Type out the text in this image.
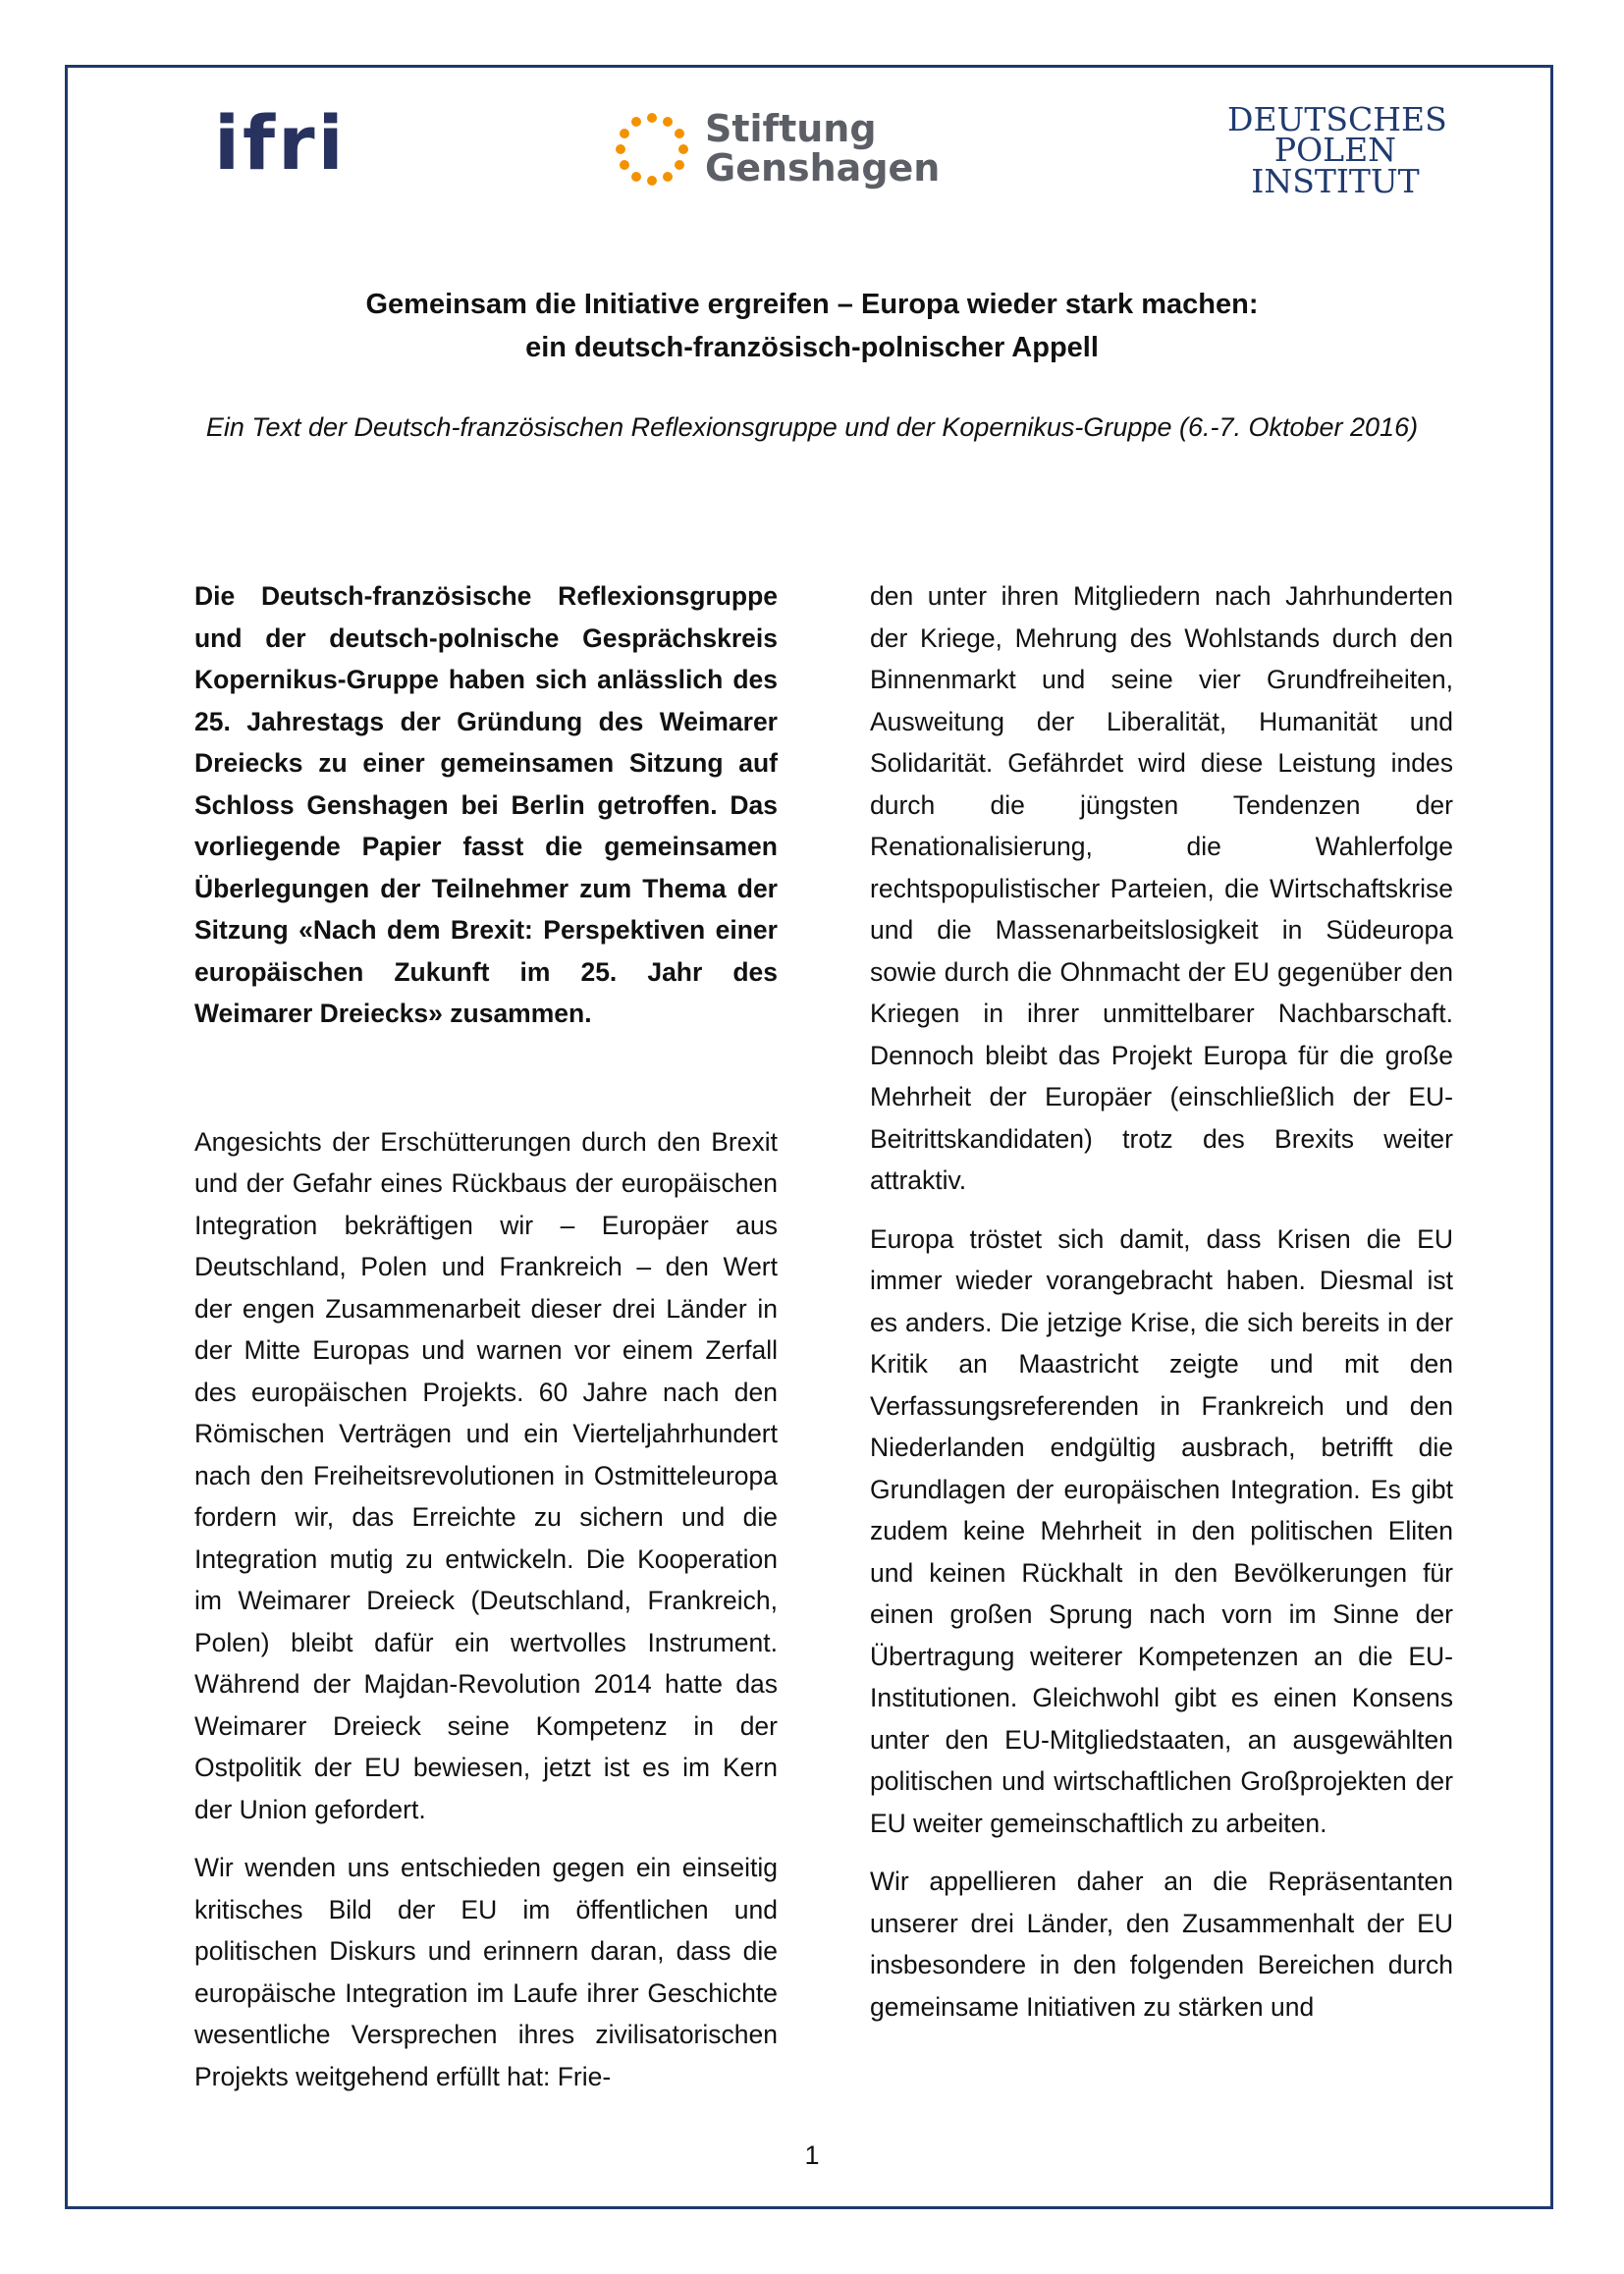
ifri	Stiftung
Genshagen
DEUTSCHES
POLEN
INSTITUT
Gemeinsam die Initiative ergreifen – Europa wieder stark machen:
ein deutsch-französisch-polnischer Appell
Ein Text der Deutsch-französischen Reflexionsgruppe und der Kopernikus-Gruppe (6.-7. Oktober 2016)

Die Deutsch-französische Reflexionsgruppe und der deutsch-polnische Gesprächskreis Kopernikus-Gruppe haben sich anlässlich des 25. Jahrestags der Gründung des Weimarer Dreiecks zu einer gemeinsamen Sitzung auf Schloss Genshagen bei Berlin getroffen. Das vorliegende Papier fasst die gemeinsamen Überlegungen der Teilnehmer zum Thema der Sitzung «Nach dem Brexit: Perspektiven einer europäischen Zukunft im 25. Jahr des Weimarer Dreiecks» zusammen.

Angesichts der Erschütterungen durch den Brexit und der Gefahr eines Rückbaus der europäischen Integration bekräftigen wir – Europäer aus Deutschland, Polen und Frankreich – den Wert der engen Zusammenarbeit dieser drei Länder in der Mitte Europas und warnen vor einem Zerfall des europäischen Projekts. 60 Jahre nach den Römischen Verträgen und ein Vierteljahrhundert nach den Freiheitsrevolutionen in Ostmitteleuropa fordern wir, das Erreichte zu sichern und die Integration mutig zu entwickeln. Die Kooperation im Weimarer Dreieck (Deutschland, Frankreich, Polen) bleibt dafür ein wertvolles Instrument. Während der Majdan-Revolution 2014 hatte das Weimarer Dreieck seine Kompetenz in der Ostpolitik der EU bewiesen, jetzt ist es im Kern der Union gefordert.

Wir wenden uns entschieden gegen ein einseitig kritisches Bild der EU im öffentlichen und politischen Diskurs und erinnern daran, dass die europäische Integration im Laufe ihrer Geschichte wesentliche Versprechen ihres zivilisatorischen Projekts weitgehend erfüllt hat: Frie-

den unter ihren Mitgliedern nach Jahrhunderten der Kriege, Mehrung des Wohlstands durch den Binnenmarkt und seine vier Grundfreiheiten, Ausweitung der Liberalität, Humanität und Solidarität. Gefährdet wird diese Leistung indes durch die jüngsten Tendenzen der Renationalisierung, die Wahlerfolge rechtspopulistischer Parteien, die Wirtschaftskrise und die Massenarbeitslosigkeit in Südeuropa sowie durch die Ohnmacht der EU gegenüber den Kriegen in ihrer unmittelbarer Nachbarschaft. Dennoch bleibt das Projekt Europa für die große Mehrheit der Europäer (einschließlich der EU-Beitrittskandidaten) trotz des Brexits weiter attraktiv.

Europa tröstet sich damit, dass Krisen die EU immer wieder vorangebracht haben. Diesmal ist es anders. Die jetzige Krise, die sich bereits in der Kritik an Maastricht zeigte und mit den Verfassungsreferenden in Frankreich und den Niederlanden endgültig ausbrach, betrifft die Grundlagen der europäischen Integration. Es gibt zudem keine Mehrheit in den politischen Eliten und keinen Rückhalt in den Bevölkerungen für einen großen Sprung nach vorn im Sinne der Übertragung weiterer Kompetenzen an die EU-Institutionen. Gleichwohl gibt es einen Konsens unter den EU-Mitgliedstaaten, an ausgewählten politischen und wirtschaftlichen Großprojekten der EU weiter gemeinschaftlich zu arbeiten.

Wir appellieren daher an die Repräsentanten unserer drei Länder, den Zusammenhalt der EU insbesondere in den folgenden Bereichen durch gemeinsame Initiativen zu stärken und

1
